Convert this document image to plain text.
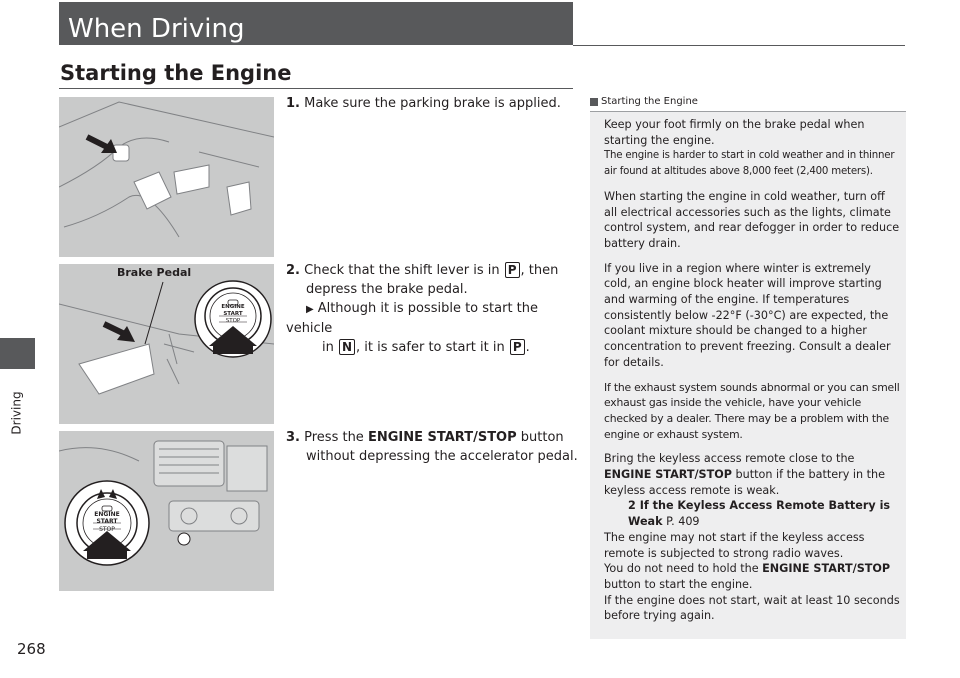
When Driving
Starting the Engine
Driving
Brake Pedal
ENGINE
START
STOP
ENGINE
START
STOP
1. Make sure the parking brake is applied.
2. Check that the shift lever is in P , then
depress the brake pedal.
▶ Although it is possible to start the vehicle
in N , it is safer to start it in P .
3. Press the ENGINE START/STOP button
without depressing the accelerator pedal.
Starting the Engine

Keep your foot firmly on the brake pedal when starting the engine.

The engine is harder to start in cold weather and in thinner air found at altitudes above 8,000 feet (2,400 meters).

When starting the engine in cold weather, turn off all electrical accessories such as the lights, climate control system, and rear defogger in order to reduce battery drain.

If you live in a region where winter is extremely cold, an engine block heater will improve starting and warming of the engine. If temperatures consistently below -22°F (-30°C) are expected, the coolant mixture should be changed to a higher concentration to prevent freezing. Consult a dealer for details.

If the exhaust system sounds abnormal or you can smell exhaust gas inside the vehicle, have your vehicle checked by a dealer. There may be a problem with the engine or exhaust system.

Bring the keyless access remote close to the ENGINE START/STOP button if the battery in the keyless access remote is weak.

2 If the Keyless Access Remote Battery is Weak P. 409

The engine may not start if the keyless access remote is subjected to strong radio waves.

You do not need to hold the ENGINE START/STOP button to start the engine.

If the engine does not start, wait at least 10 seconds before trying again.

268
